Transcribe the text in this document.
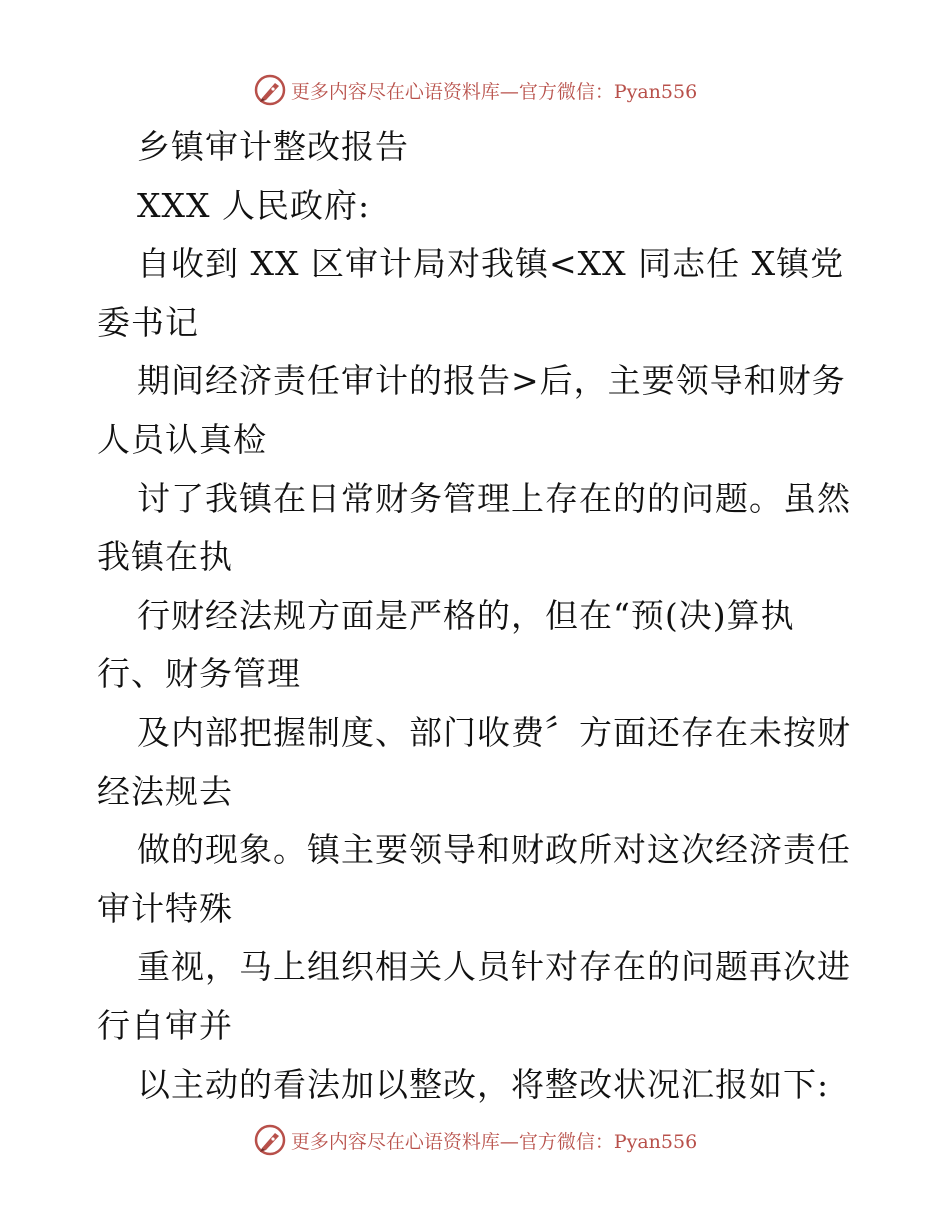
更多内容尽在心语资料库—官方微信：Pyan556
乡镇审计整改报告
XXX 人民政府:
自收到 XX 区审计局对我镇<XX 同志任 X镇党
委书记
期间经济责任审计的报告>后，主要领导和财务
人员认真检
讨了我镇在日常财务管理上存在的的问题。虽然
我镇在执
行财经法规方面是严格的，但在“预(决)算执
行、财务管理
及内部把握制度、部门收费〞方面还存在未按财
经法规去
做的现象。镇主要领导和财政所对这次经济责任
审计特殊
重视，马上组织相关人员针对存在的问题再次进
行自审并
以主动的看法加以整改，将整改状况汇报如下:
更多内容尽在心语资料库—官方微信：Pyan556
